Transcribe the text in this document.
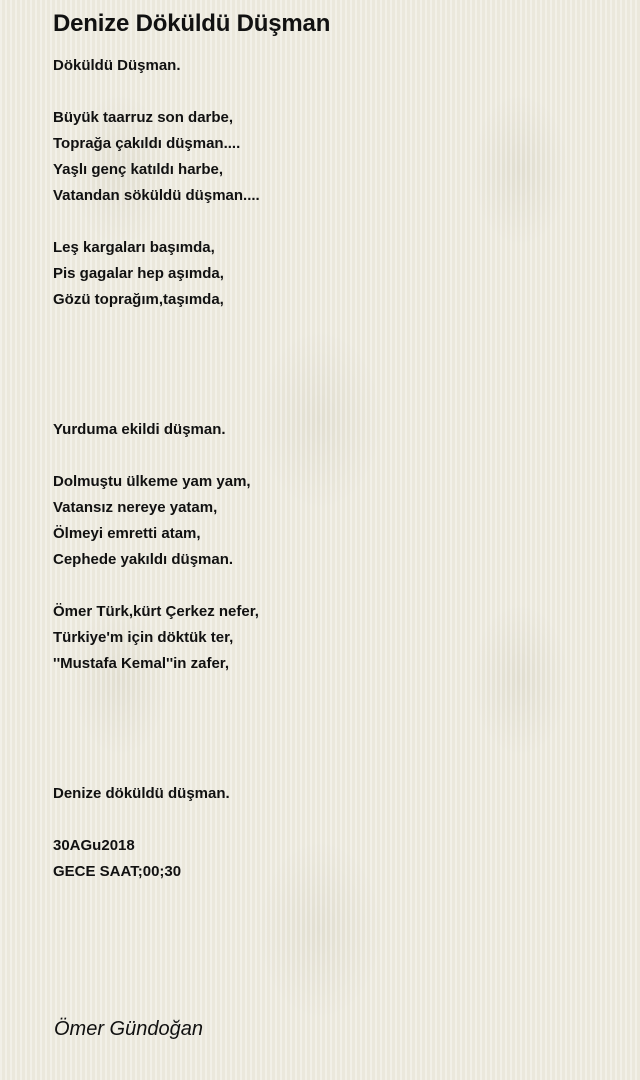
Denize Döküldü Düşman
Döküldü Düşman.
Büyük taarruz son darbe,
Toprağa çakıldı düşman....
Yaşlı genç katıldı harbe,
Vatandan söküldü düşman....
Leş kargaları başımda,
Pis gagalar hep aşımda,
Gözü toprağım,taşımda,
Yurduma ekildi düşman.
Dolmuştu ülkeme yam yam,
Vatansız nereye yatam,
Ölmeyi emretti atam,
Cephede yakıldı düşman.
Ömer Türk,kürt Çerkez nefer,
Türkiye'm için döktük ter,
''Mustafa Kemal''in zafer,
Denize döküldü düşman.
30AGu2018
GECE SAAT;00;30
Ömer Gündoğan
